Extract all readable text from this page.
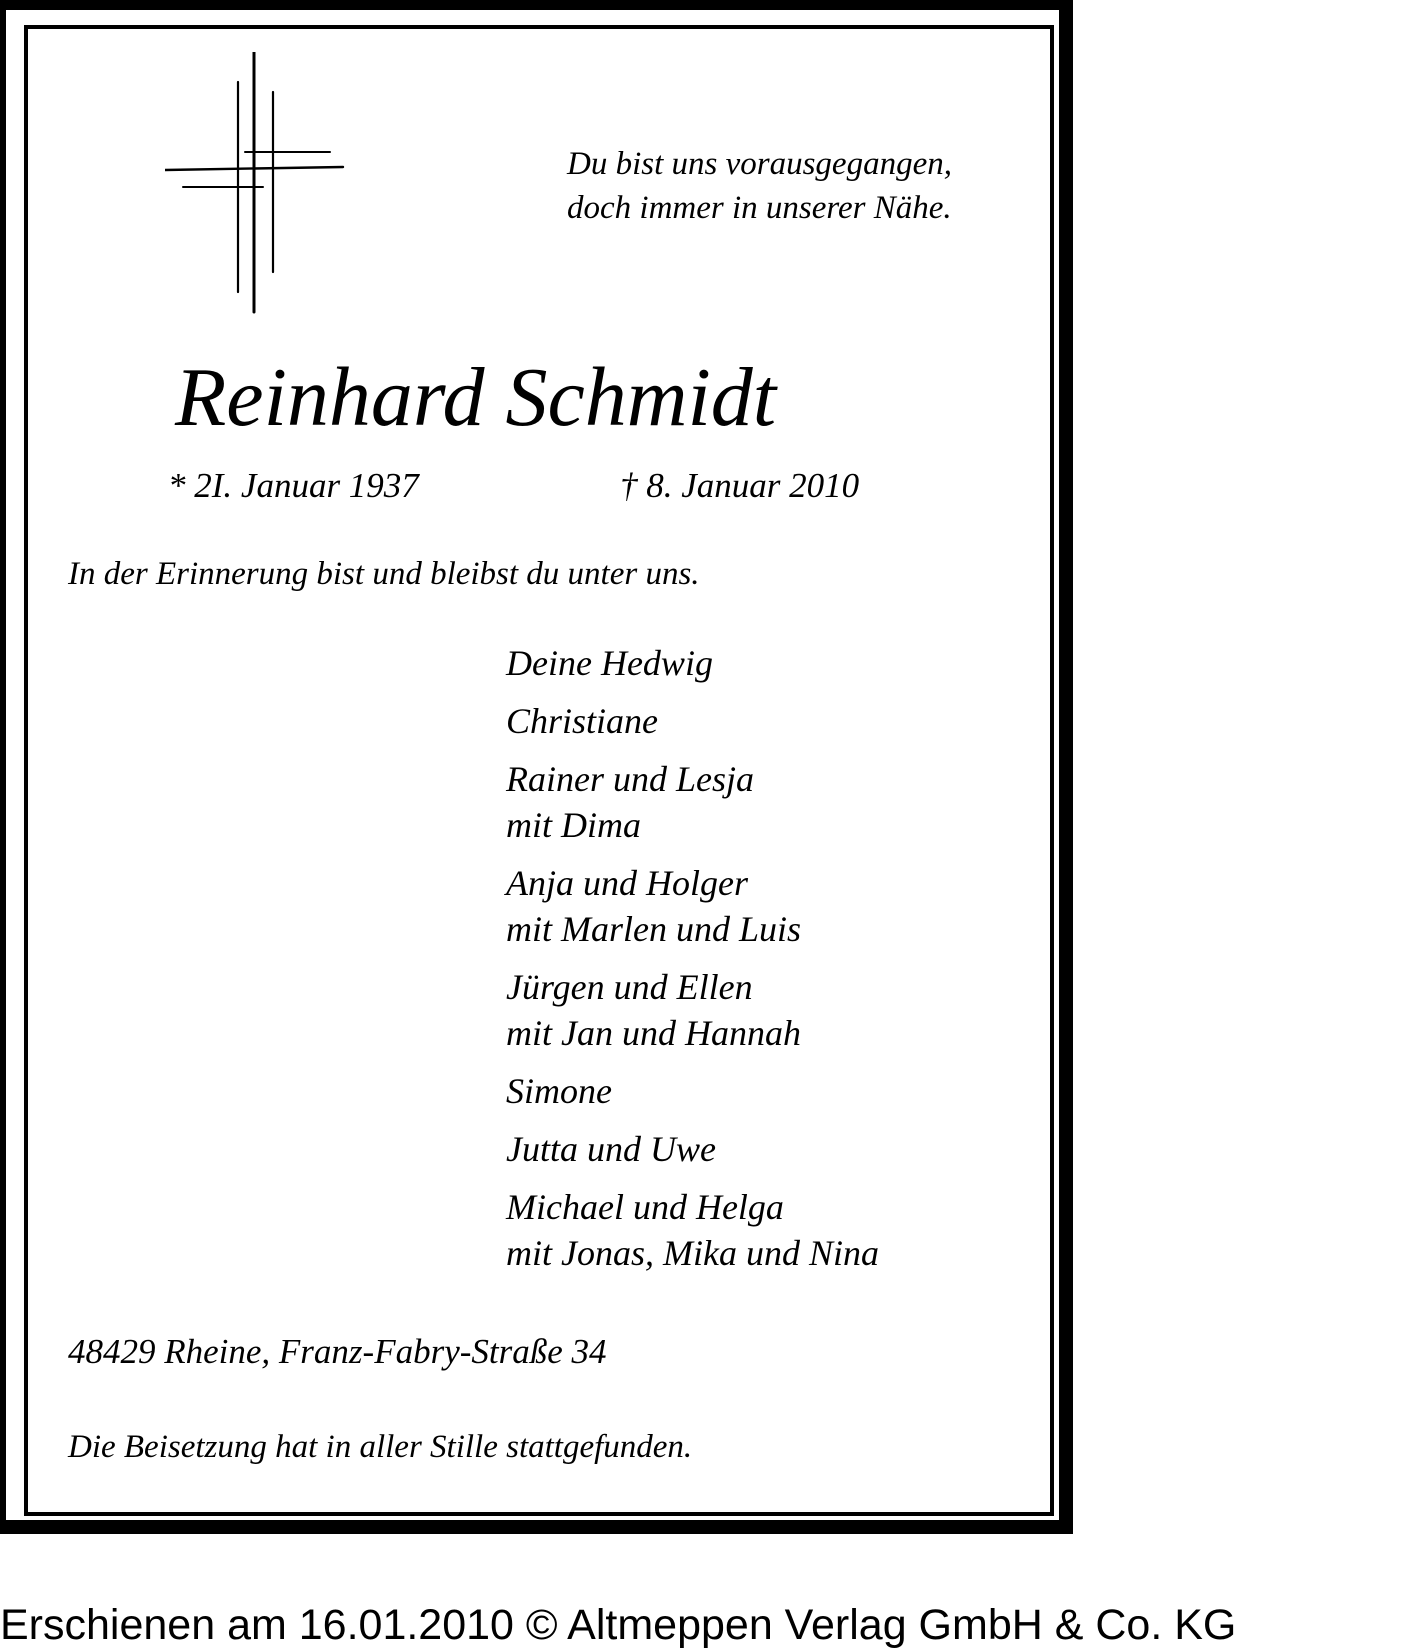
Du bist uns vorausgegangen,
doch immer in unserer Nähe.

Reinhard Schmidt

* 2I. Januar 1937	† 8. Januar 2010

In der Erinnerung bist und bleibst du unter uns.

Deine Hedwig
Christiane
Rainer und Lesja
mit Dima
Anja und Holger
mit Marlen und Luis
Jürgen und Ellen
mit Jan und Hannah
Simone
Jutta und Uwe
Michael und Helga
mit Jonas, Mika und Nina

48429 Rheine, Franz-Fabry-Straße 34

Die Beisetzung hat in aller Stille stattgefunden.

Erschienen am 16.01.2010 © Altmeppen Verlag GmbH & Co. KG
